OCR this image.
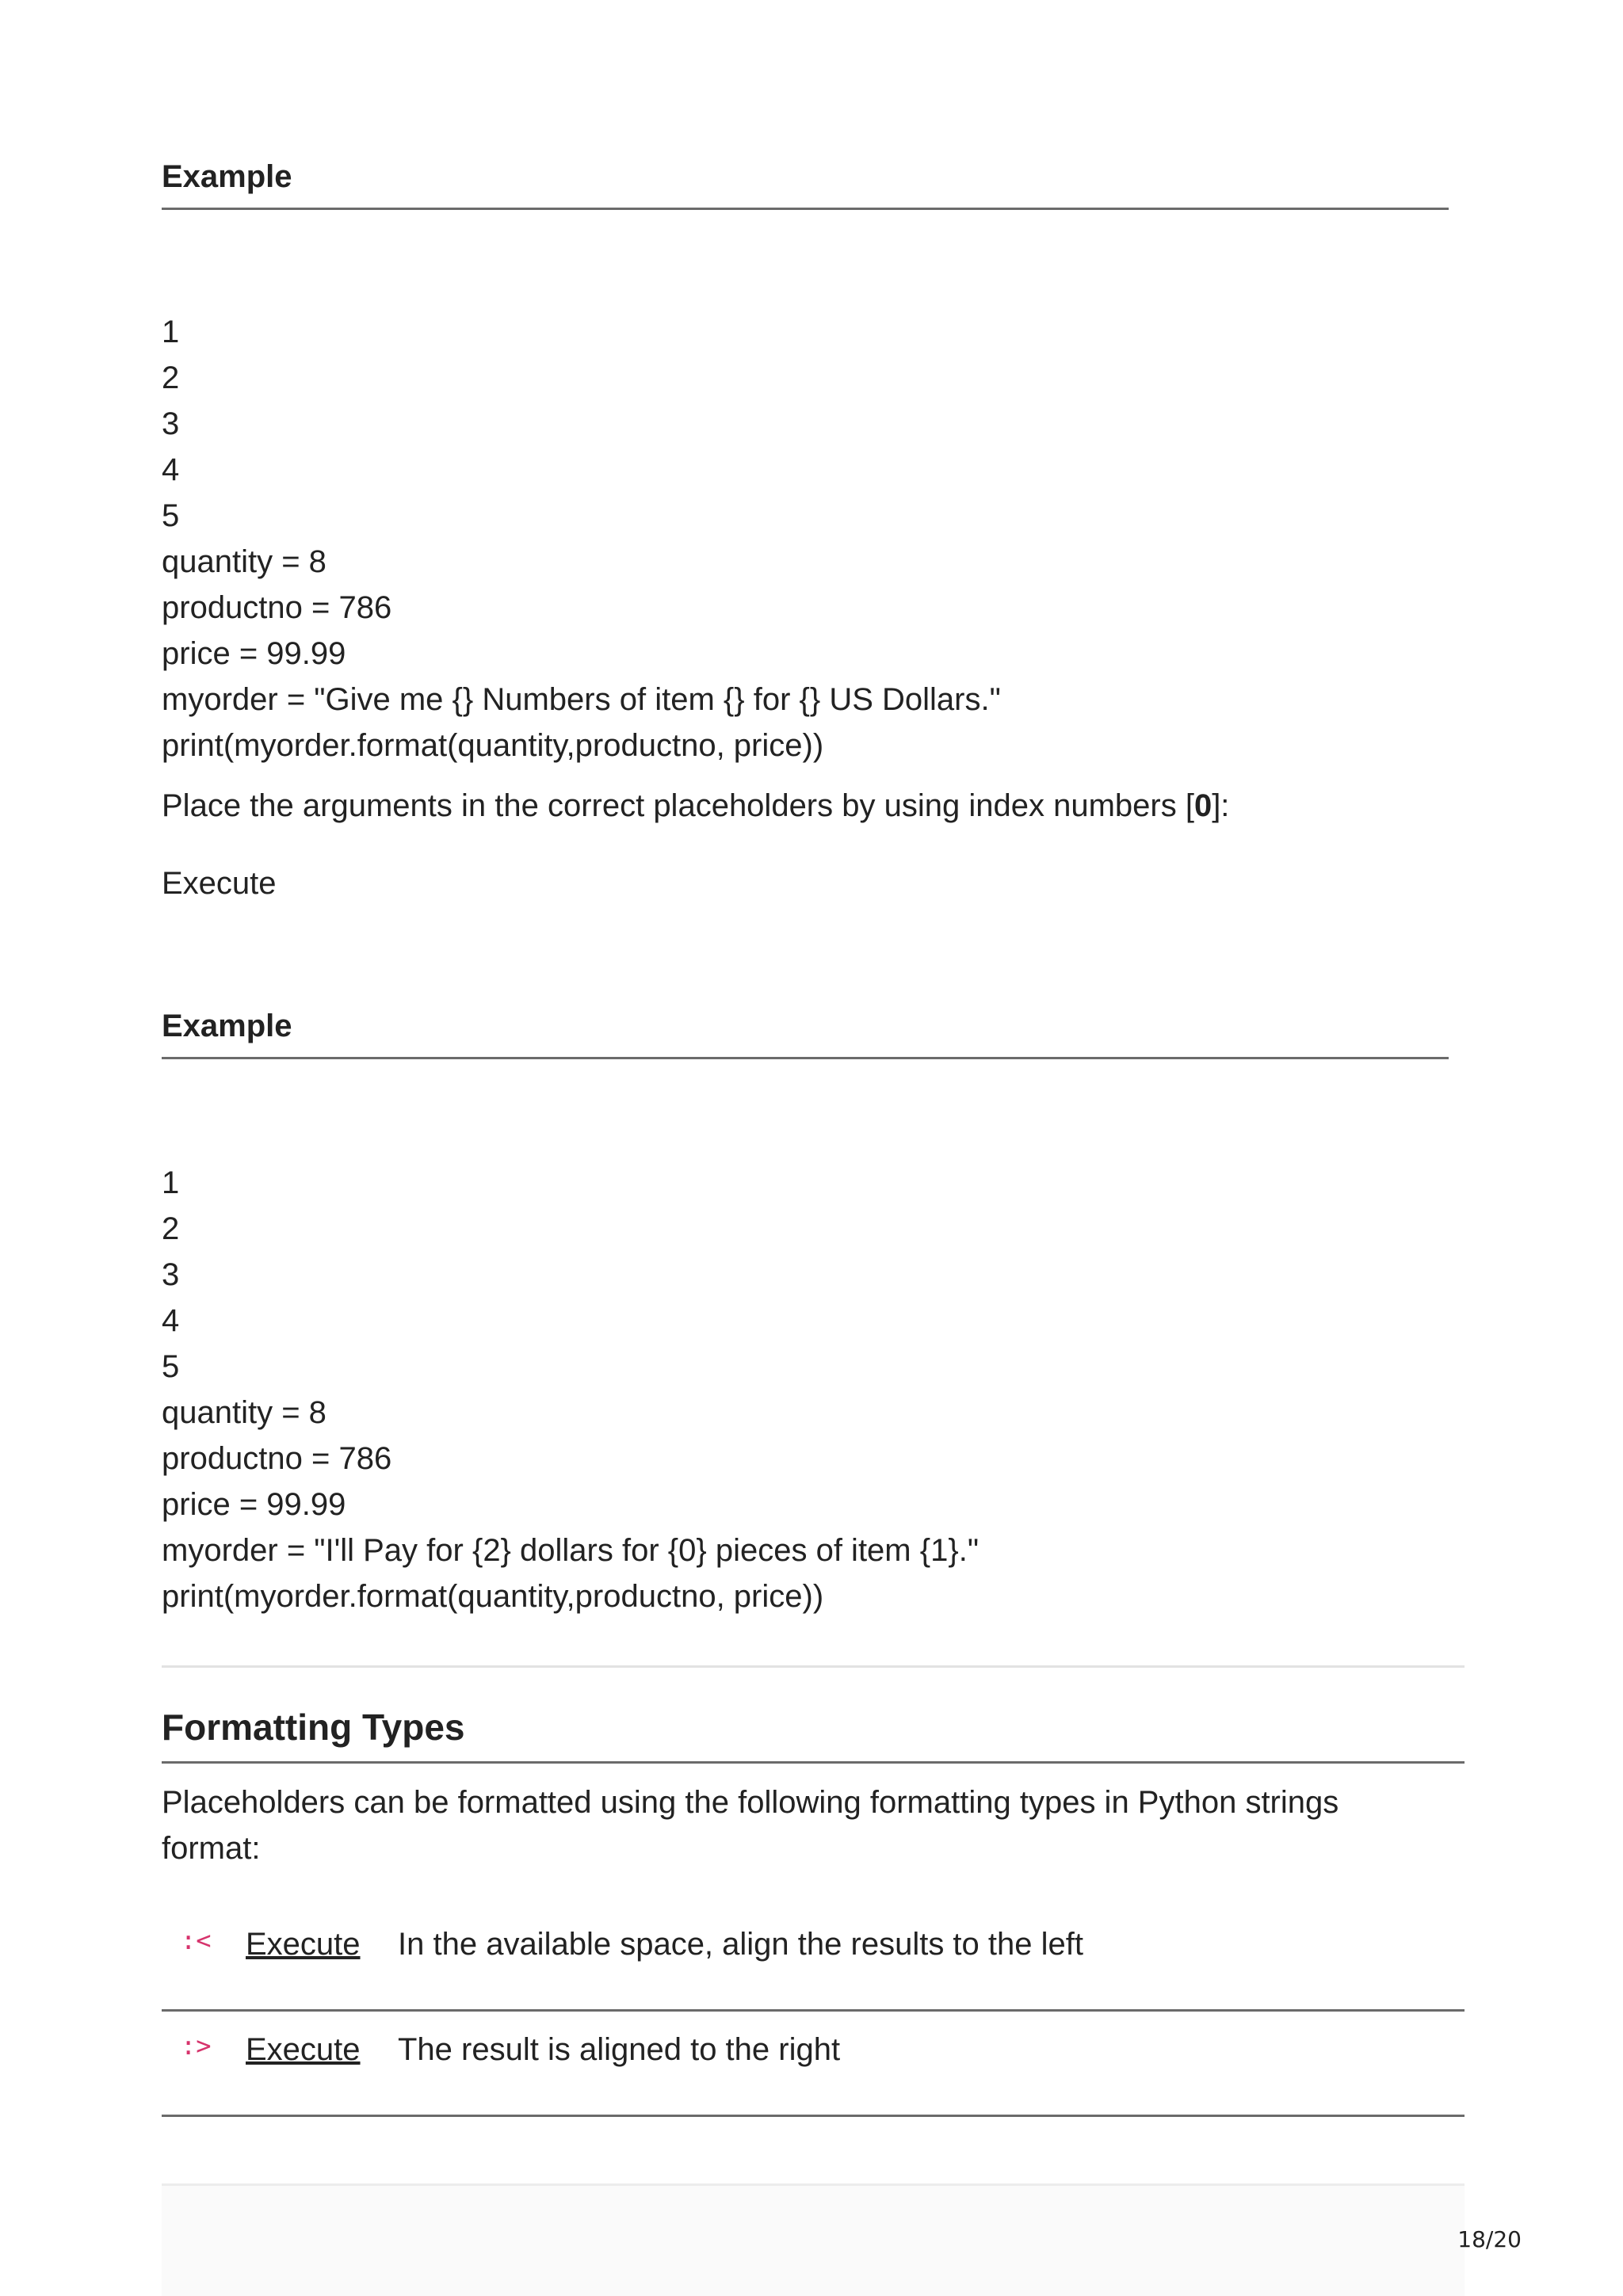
Example
1
2
3
4
5
quantity = 8
productno = 786
price = 99.99
myorder = "Give me {} Numbers of item {} for {} US Dollars."
print(myorder.format(quantity,productno, price))
Place the arguments in the correct placeholders by using index numbers [0]:
Execute
Example
1
2
3
4
5
quantity = 8
productno = 786
price = 99.99
myorder = "I'll Pay for {2} dollars for {0} pieces of item {1}."
print(myorder.format(quantity,productno, price))
Formatting Types
Placeholders can be formatted using the following formatting types in Python strings
format:
:< Execute In the available space, align the results to the left
:> Execute The result is aligned to the right
18/20
